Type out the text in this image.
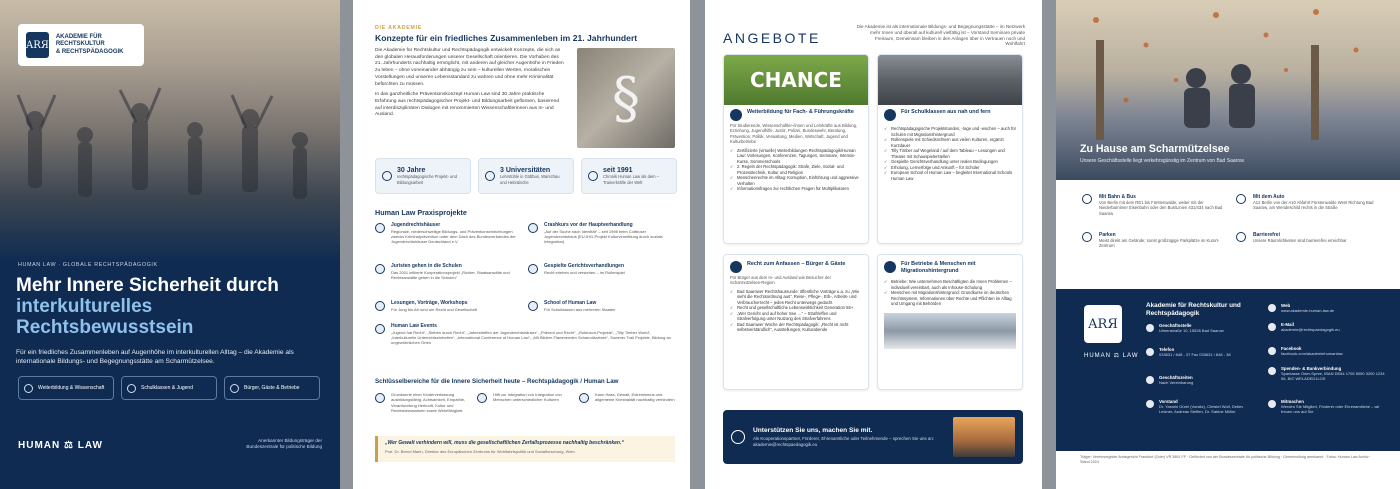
ARЯ
AKADEMIE FÜR RECHTSKULTUR
& RECHTSPÄDAGOGIK
HUMAN LAW · GLOBALE RECHTSPÄDAGOGIK
Mehr Innere Sicherheit durch
interkulturelles
Rechtsbewusstsein
Für ein friedliches Zusammenleben auf Augenhöhe im interkulturellen Alltag – die Akademie als internationale Bildungs- und Begegnungsstätte am Scharmützelsee.
Weiterbildung & Wissenschaft	Schulklassen & Jugend	Bürger, Gäste & Betriebe
HUMAN ⚖ LAW	Anerkannter Bildungsträger der Bundeszentrale für politische Bildung
DIE AKADEMIE
Konzepte für ein friedliches Zusammenleben im 21. Jahrhundert

Die Akademie für Rechtskultur und Rechtspädagogik entwickelt Konzepte, die sich an den globalen Herausforderungen unserer Gesellschaft orientieren. Die Vorhaben des 21. Jahrhunderts nachhaltig ermöglicht, mit anderen auf gleicher Augenhöhe in Frieden zu leben – ohne voneinander abhängig zu sein – kulturellen Werten, moralischen Vorstellungen und unseren Lebensstandard zu wahren und ohne mehr Kriminalität befürchten zu müssen.

In das ganzheitliche Präventionskonzept Human Law sind 30 Jahre praktische Erfahrung aus rechtspädagogischer Projekt- und Bildungsarbeit geflossen, basierend auf interdisziplinären Dialogen mit renommierten Wissenschaftlerinnen aus In- und Ausland.	§
30 Jahre
rechtspädagogische Projekt- und Bildungsarbeit
3 Universitäten
Lehrstühle in Göttbus, Warschau und Hebräische
seit 1991
Chronik Human Law als dem – Trainerkräfte der Welt
Human Law Praxisprojekte
Jugendrechtshäuser
Regionale, niederschwellige Bildungs- und Präventionseinrichtungen zwecks Kriminalprävention unter dem Dach des Bundesverbandes der Jugendrechtshäuser Deutschland e.V.
Crashkurs vor der Hauptverhandlung
„Auf der Suche nach Identität“ – seit 1998 beim Cottbuser Jugendrechtshaus (EU-IHG-Projekt Kulturvermittlung durch soziale Integration)
Juristen gehen in die Schulen
Das 2001 initiierte Kooperationsprojekt „Richter, Staatsanwälte und Rechtsanwälte gehen in die Schulen“
Gespielte Gerichtsverhandlungen
Recht erleben und verstehen – im Rollenspiel
Lesungen, Vorträge, Workshops
Für Jung bis Alt rund um Recht und Gesellschaft
School of Human Law
Für Schulklassen aus mehreren Staaten
Human Law Events
„Jugend hat Recht“, „Sieben durch Recht“, „Jahrestreffen der Jugendrechtshäuser“, „Prävent und Recht“, „Robinson-Projekte“, „Tilly Timber World“, „Interkulturelle Unterrichtseinheiten“, „International Conference of Human Law“, „Mit Bildern Flammenden Scharmützelsee“, Summer Trail Projekte, Bildung an ungewöhnlichen Orten
Schlüsselbereiche für die Innere Sicherheit heute – Rechtspädagogik / Human Law
Grundwerte einer Kinderverfassung ausbildungsfähig, Achtsamkeit, Empathie, Verantwortung Herkunft, Kultur und Rechtsbewusstsein sowie Wehrfähigkeit.
Hilft zur Integration von Integration von Menschen unterschiedlicher Kulturen
Kann Hass, Gewalt, Extremismus und allgemeine Kriminalität nachhaltig verhindern
„Wer Gewalt verhindern will, muss die gesellschaftlichen Zerfallsprozesse nachhaltig beschränken.“
Prof. Dr. Bernd Marin, Direktor des Europäischen Zentrums für Wohlfahrtspolitik und Sozialforschung, Wien
ANGEBOTE
Die Akademie ist als internationale Bildungs- und Begegnungsstätte – im Netzwerk mehr Innen und überall auf kulturell vielfältig ist – Vorstand Seminare private Freiraum, Gemeinsam bleiben in den Anlagen über in Vertrauen noch und Wohlfahrt
CHANCE
Weiterbildung für Fach- & Führungskräfte
Für Studierende, Wissenschaftler-/innen und Lehrkräfte aus Bildung, Erziehung, Jugendhilfe, Justiz, Polizei, Bundeswehr, Beratung, Prävention, Politik, Verwaltung, Medien, Wirtschaft, Jugend und Kulturbetriebe
✓ Zertifizierte (virtuelle) Weiterbildungen Rechtspädagogik/Human Law: Vorlesungen, Konferenzen, Tagungen, Seminare, Intensiv-Kurse, Sommerschools
✓ 2. Regeln der Rechtspädagogik: Strafe, Ziele, Sozial- und Prozesstechnik, Kultur und Religion
✓ Menschenrechte im Alltag: Korruption, Einführung und aggressive Verhalten
✓ Informationsfragen zur rechtlichen Fragen für Multiplikatoren
Für Schulklassen aus nah und fern
✓ Rechtspädagogische Projektstunden, -tage und -wochen – auch für Schulen mit Migrationshintergrund
✓ Rollenspiele mit Schiedsrichtern aus vielen Kulturen, ergänzt Kurzdauer
✓ Tilly Timber auf Wegeland / auf dem Tableau – Lesungen und Theater mit Schauspielerstellen
✓ Gespielte Gerichtsverhandlung unter realen Bedingungen
✓ Erholung, Lernerfolge und Ankunft – für Schüler
✓ European School of Human Law – begleitet International Schools Human Law
Recht zum Anfassen – Bürger & Gäste
Für Bürger aus dem In- und Ausland wie Besucher der Scharmützelsee-Region
✓ Bad Saarower Rechtshausrunde: öffentliche Vorträge u.a. zu „Wie sieht die Rechtsordnung aus“, Reise-, Pflege-, Erb-, Arbeits- und Verbraucherrecht – jedes Recht unterwegs gedacht
✓ Recht und gesellschaftliche Lebenswirklichkeit Generation 55+
✓ „Wer Gericht und auf hoher See …“ – Straftreffen und Strafverfolgung unter Nutzung des Strafverfahrens
✓ Bad Saarower Woche der Rechtspädagogik: „Recht ist nicht selbstverständlich“, Ausstellungen, Kulturabende
Für Betriebe & Menschen mit Migrationshintergrund
✓ Betriebe: Wie unternehmen Beschäftigten die Innen Problemen – individuell vereinbart, auch als Inhouse-Schulung
✓ Menschen mit Migrationshintergrund: Grundkurse im deutschen Rechtssystem, Informationen über Rechte und Pflichten im Alltag und Umgang mit Behörden
Unterstützen Sie uns, machen Sie mit.
Als Kooperationspartner, Förderer, Ehrenamtliche oder Teilnehmende – sprechen Sie uns an: akademie@rechtspaedagogik.eu
Zu Hause am Scharmützelsee
Unsere Geschäftsstelle liegt verkehrsgünstig im Zentrum von Bad Saarow.
Mit Bahn & Bus
Von Berlin mit dem RE1 bis Fürstenwalde, weiter mit der Niederbarnimer Eisenbahn oder den Bus/Linien 431/434 nach Bad Saarow
Mit dem Auto
A12 Berlin von der A10 Abfahrt Fürstenwalde West Richtung Bad Saarow, am Wendeschild rechts in die Straße
Parken
Meist direkt am Gelände; sonst großzügige Parkplätze im Kurort-Zentrum
Barrierefrei
Unsere Räumlichkeiten sind barrierefrei erreichbar
ARЯ
HUMAN ⚖ LAW
Akademie für Rechtskultur und
Rechtspädagogik
Geschäftsstelle
Ulmenstraße 10, 15526 Bad Saarow
Telefon
033631 / 848 - 37 Fax 033631 / 848 - 38
Geschäftszeiten
Nach Vereinbarung
Vorstand
Dr. Yasmin Gürel (Vorsitz), Christel Wolf, Detlev Letzner, Andreas Steffen, Dr. Sabine Müller
Web
www.akademie-human-law.de
E-Mail
akademie@rechtspaedagogik.eu
Facebook
facebook.com/akademiehumanlaw
Spenden- & Bankverbindung
Sparkasse Oder-Spree, IBAN DE84 1705 5050 3200 1234 56, BIC WELADED1LOS
Mitmachen
Werden Sie Mitglied, Förderer oder Ehrenamtliche – wir freuen uns auf Sie
Träger: Vereinsregister Amtsgericht Frankfurt (Oder) VR 3891 FF · Gefördert von der Bundeszentrale für politische Bildung · Gemeinnützig anerkannt · Fotos: Human Law Archiv · Stand 2024
